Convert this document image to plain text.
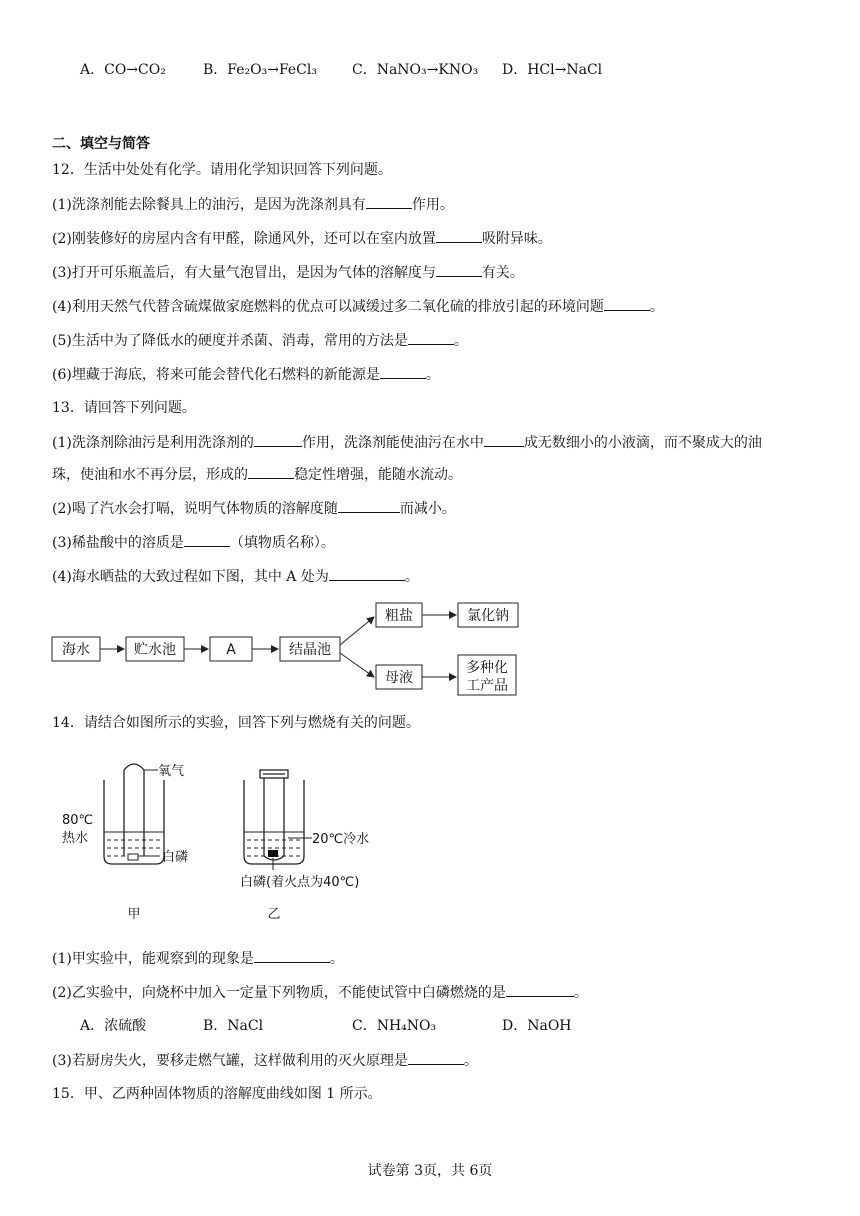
A．CO→CO₂	B．Fe₂O₃→FeCl₃	C．NaNO₃→KNO₃ D．HCl→NaCl
二、填空与简答
12．生活中处处有化学。请用化学知识回答下列问题。
(1)洗涤剂能去除餐具上的油污，是因为洗涤剂具有	作用。
(2)刚装修好的房屋内含有甲醛，除通风外，还可以在室内放置	吸附异味。
(3)打开可乐瓶盖后，有大量气泡冒出，是因为气体的溶解度与	有关。
(4)利用天然气代替含硫煤做家庭燃料的优点可以减缓过多二氧化硫的排放引起的环境问题	。
(5)生活中为了降低水的硬度并杀菌、消毒，常用的方法是	。
(6)埋藏于海底，将来可能会替代化石燃料的新能源是	。
13．请回答下列问题。
(1)洗涤剂除油污是利用洗涤剂的	作用，洗涤剂能使油污在水中	成无数细小的小液滴，而不聚成大的油
珠，使油和水不再分层，形成的	稳定性增强，能随水流动。
(2)喝了汽水会打嗝，说明气体物质的溶解度随	而减小。
(3)稀盐酸中的溶质是	（填物质名称）。
(4)海水晒盐的大致过程如下图，其中 A 处为	。
海水	贮水池	A	结晶池
粗盐	氯化钠
母液
多种化
工产品
14．请结合如图所示的实验，回答下列与燃烧有关的问题。
氧气
80℃
热水
白磷
20℃冷水
白磷(着火点为40℃)
甲	乙
(1)甲实验中，能观察到的现象是	。
(2)乙实验中，向烧杯中加入一定量下列物质，不能使试管中白磷燃烧的是	。
A．浓硫酸	B．NaCl	C．NH₄NO₃	D．NaOH
(3)若厨房失火，要移走燃气罐，这样做利用的灭火原理是	。
15．甲、乙两种固体物质的溶解度曲线如图 1 所示。
试卷第 3页，共 6页
